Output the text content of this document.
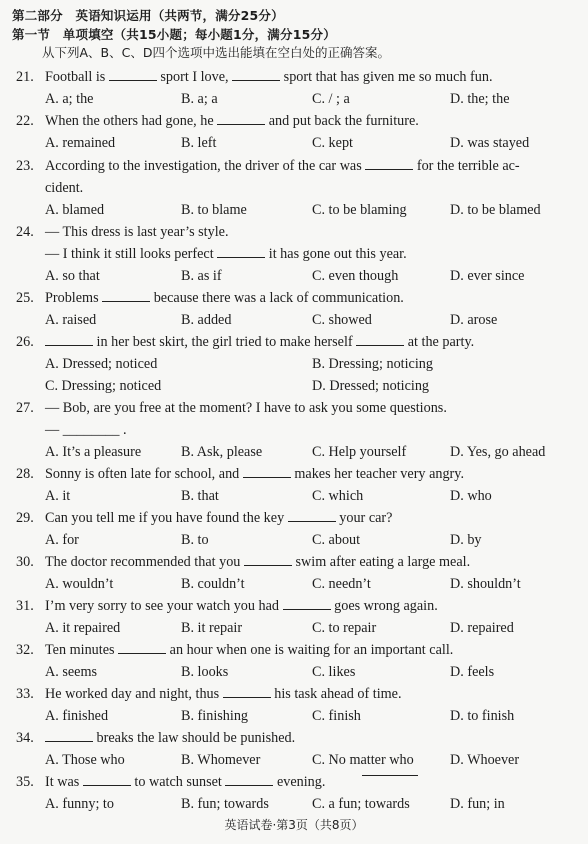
第二部分　英语知识运用（共两节，满分25分）
第一节　单项填空（共15小题；每小题1分，满分15分）
从下列A、B、C、D四个选项中选出能填在空白处的正确答案。
21. Football is	sport I love,	sport that has given me so much fun.
A. a; the	B. a; a	C. / ; a	D. the; the
22. When the others had gone, he	and put back the furniture.
A. remained	B. left	C. kept	D. was stayed
23. According to the investigation, the driver of the car was	for the terrible ac-
cident.
A. blamed	B. to blame	C. to be blaming	D. to be blamed
24. — This dress is last year’s style.
— I think it still looks perfect	it has gone out this year.
A. so that	B. as if	C. even though	D. ever since
25. Problems	because there was a lack of communication.
A. raised	B. added	C. showed	D. arose
26.	in her best skirt, the girl tried to make herself	at the party.
A. Dressed; noticed	B. Dressing; noticing
C. Dressing; noticed	D. Dressed; noticing
27. — Bob, are you free at the moment? I have to ask you some questions.
— ________ .
A. It’s a pleasure	B. Ask, please	C. Help yourself	D. Yes, go ahead
28. Sonny is often late for school, and	makes her teacher very angry.
A. it	B. that	C. which	D. who
29. Can you tell me if you have found the key	your car?
A. for	B. to	C. about	D. by
30. The doctor recommended that you	swim after eating a large meal.
A. wouldn’t	B. couldn’t	C. needn’t	D. shouldn’t
31. I’m very sorry to see your watch you had	goes wrong again.
A. it repaired	B. it repair	C. to repair	D. repaired
32. Ten minutes	an hour when one is waiting for an important call.
A. seems	B. looks	C. likes	D. feels
33. He worked day and night, thus	his task ahead of time.
A. finished	B. finishing	C. finish	D. to finish
34.	breaks the law should be punished.
A. Those who	B. Whomever	C. No matter who	D. Whoever
35. It was	to watch sunset	evening.
A. funny; to	B. fun; towards	C. a fun; towards	D. fun; in
英语试卷·第3页（共8页）
